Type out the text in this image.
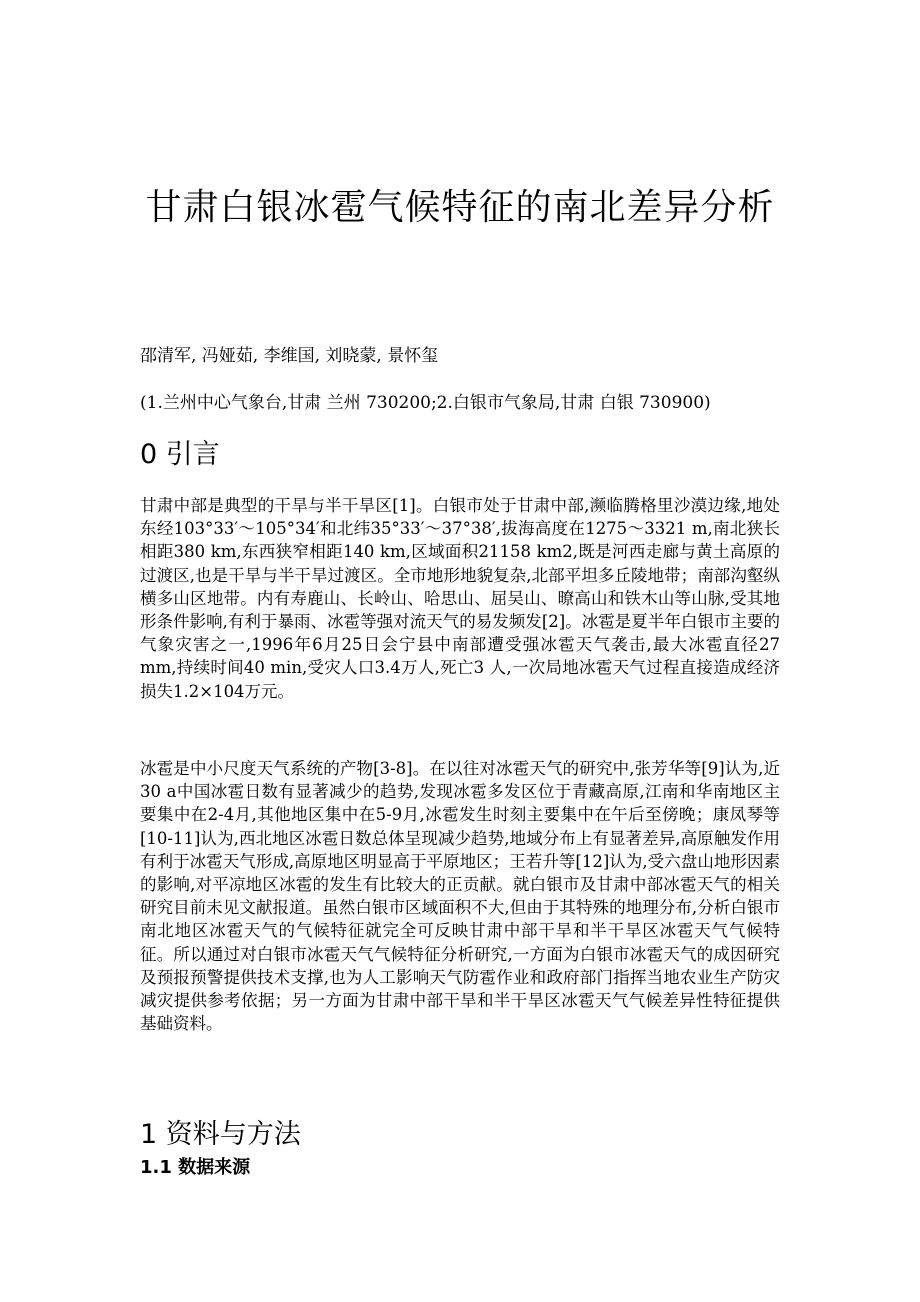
甘肃白银冰雹气候特征的南北差异分析

邵清军, 冯娅茹, 李维国, 刘晓蒙, 景怀玺

(1.兰州中心气象台,甘肃 兰州 730200;2.白银市气象局,甘肃 白银 730900)

0 引言

甘肃中部是典型的干旱与半干旱区[1]。白银市处于甘肃中部,濒临腾格里沙漠边缘,地处东经103°33′～105°34′和北纬35°33′～37°38′,拔海高度在1275～3321 m,南北狭长相距380 km,东西狭窄相距140 km,区域面积21158 km2,既是河西走廊与黄土高原的过渡区,也是干旱与半干旱过渡区。全市地形地貌复杂,北部平坦多丘陵地带；南部沟壑纵横多山区地带。内有寿鹿山、长岭山、哈思山、屈吴山、暸高山和铁木山等山脉,受其地形条件影响,有利于暴雨、冰雹等强对流天气的易发频发[2]。冰雹是夏半年白银市主要的气象灾害之一,1996年6月25日会宁县中南部遭受强冰雹天气袭击,最大冰雹直径27 mm,持续时间40 min,受灾人口3.4万人,死亡3 人,一次局地冰雹天气过程直接造成经济损失1.2×104万元。

冰雹是中小尺度天气系统的产物[3-8]。在以往对冰雹天气的研究中,张芳华等[9]认为,近30 a中国冰雹日数有显著减少的趋势,发现冰雹多发区位于青藏高原,江南和华南地区主要集中在2-4月,其他地区集中在5-9月,冰雹发生时刻主要集中在午后至傍晚；康凤琴等[10-11]认为,西北地区冰雹日数总体呈现减少趋势,地域分布上有显著差异,高原触发作用有利于冰雹天气形成,高原地区明显高于平原地区；王若升等[12]认为,受六盘山地形因素的影响,对平凉地区冰雹的发生有比较大的正贡献。就白银市及甘肃中部冰雹天气的相关研究目前未见文献报道。虽然白银市区域面积不大,但由于其特殊的地理分布,分析白银市南北地区冰雹天气的气候特征就完全可反映甘肃中部干旱和半干旱区冰雹天气气候特征。所以通过对白银市冰雹天气气候特征分析研究,一方面为白银市冰雹天气的成因研究及预报预警提供技术支撑,也为人工影响天气防雹作业和政府部门指挥当地农业生产防灾减灾提供参考依据；另一方面为甘肃中部干旱和半干旱区冰雹天气气候差异性特征提供基础资料。

1 资料与方法
1.1 数据来源
